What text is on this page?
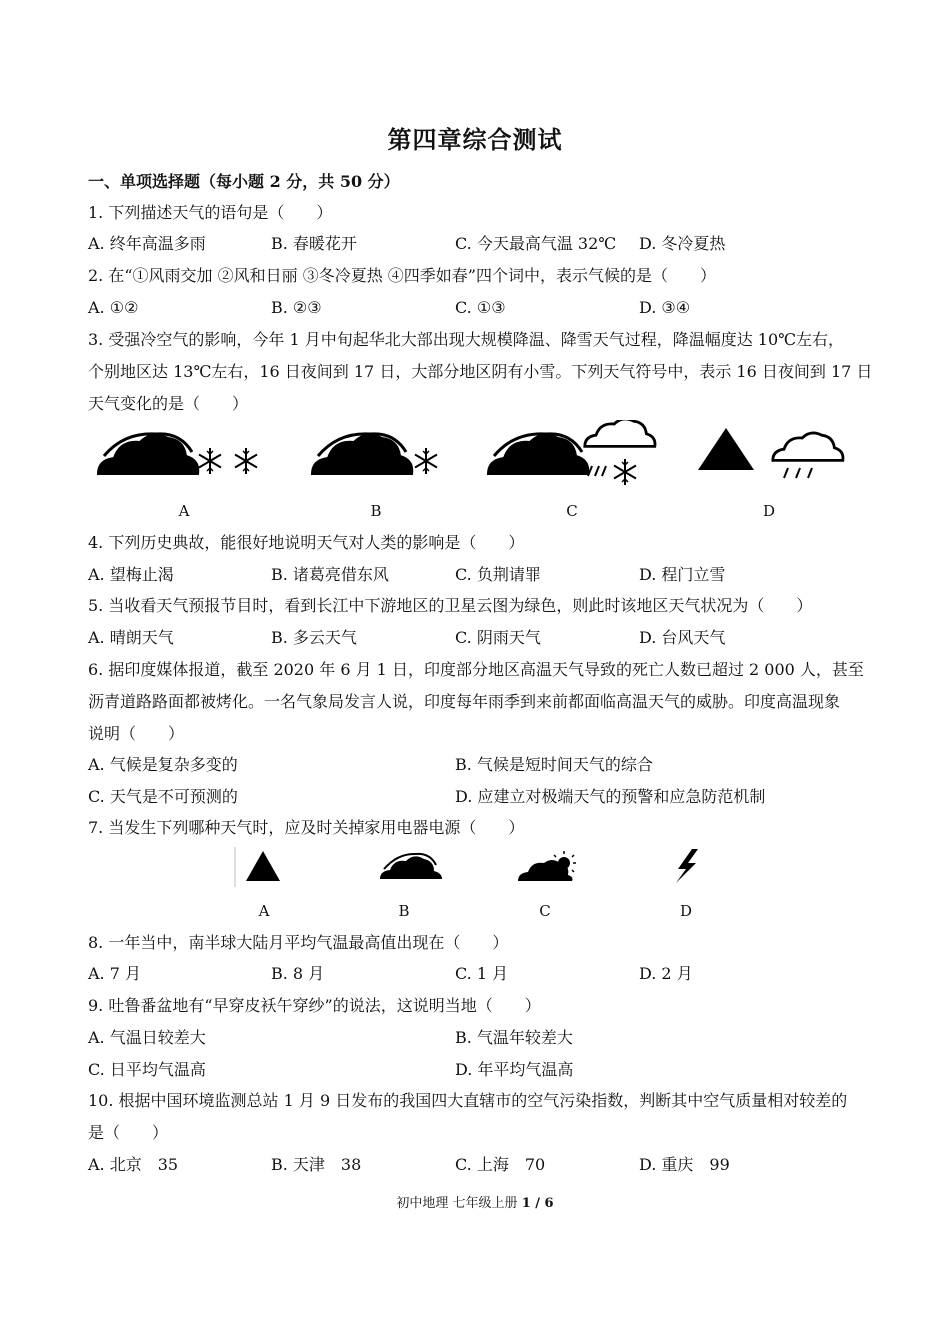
第四章综合测试
一、单项选择题（每小题 2 分，共 50 分）
1. 下列描述天气的语句是（　　）
A. 终年高温多雨	B. 春暖花开	C. 今天最高气温 32℃ D. 冬冷夏热
2. 在“①风雨交加 ②风和日丽 ③冬冷夏热 ④四季如春”四个词中，表示气候的是（　　）
A. ①②	B. ②③	C. ①③	D. ③④
3. 受强冷空气的影响，今年 1 月中旬起华北大部出现大规模降温、降雪天气过程，降温幅度达 10℃左右，
个别地区达 13℃左右，16 日夜间到 17 日，大部分地区阴有小雪。下列天气符号中，表示 16 日夜间到 17 日
天气变化的是（　　）
A	B	C	D
4. 下列历史典故，能很好地说明天气对人类的影响是（　　）
A. 望梅止渴	B. 诸葛亮借东风	C. 负荆请罪	D. 程门立雪
5. 当收看天气预报节目时，看到长江中下游地区的卫星云图为绿色，则此时该地区天气状况为（　　）
A. 晴朗天气	B. 多云天气	C. 阴雨天气	D. 台风天气
6. 据印度媒体报道，截至 2020 年 6 月 1 日，印度部分地区高温天气导致的死亡人数已超过 2 000 人，甚至
沥青道路路面都被烤化。一名气象局发言人说，印度每年雨季到来前都面临高温天气的威胁。印度高温现象
说明（　　）
A. 气候是复杂多变的	B. 气候是短时间天气的综合
C. 天气是不可预测的	D. 应建立对极端天气的预警和应急防范机制
7. 当发生下列哪种天气时，应及时关掉家用电器电源（　　）
A	B	C	D
8. 一年当中，南半球大陆月平均气温最高值出现在（　　）
A. 7 月	B. 8 月	C. 1 月	D. 2 月
9. 吐鲁番盆地有“早穿皮袄午穿纱”的说法，这说明当地（　　）
A. 气温日较差大	B. 气温年较差大
C. 日平均气温高	D. 年平均气温高
10. 根据中国环境监测总站 1 月 9 日发布的我国四大直辖市的空气污染指数，判断其中空气质量相对较差的
是（　　）
A. 北京　35	B. 天津　38	C. 上海　70	D. 重庆　99
初中地理 七年级上册 1 / 6
